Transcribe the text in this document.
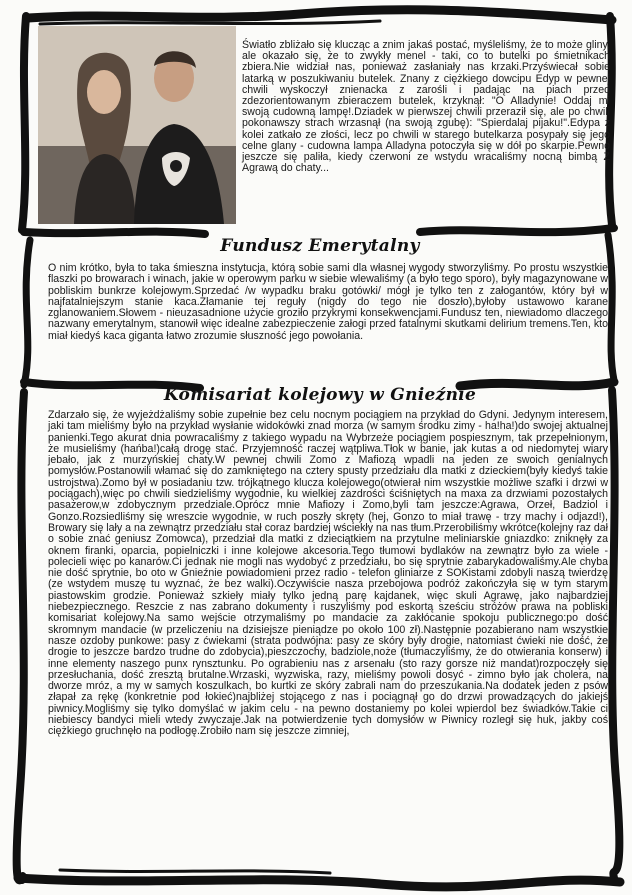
Światło zbliżało się klucząc a znim jakaś postać, myśleliśmy, że to może gliny, ale okazało się, że to zwykły menel - taki, co to butelki po śmietnikach zbiera.Nie widział nas, ponieważ zasłaniały nas krzaki.Przyświecał sobie latarką w poszukiwaniu butelek. Znany z ciężkiego dowcipu Edyp w pewnej chwili wyskoczył znienacka z zarośli i padając na piach przed zdezorientowanym zbieraczem butelek, krzyknął: "O Alladynie! Oddaj mi swoją cudowną lampę!.Dziadek w pierwszej chwili przeraził się, ale po chwili pokonawszy strach wrzasnął (na swoją zgubę): "Spierdalaj pijaku!".Edypa z kolei zatkało ze złości, lecz po chwili w starego butelkarza posypały się jego celne glany - cudowna lampa Alladyna potoczyła się w dół po skarpie.Pewno jeszcze się paliła, kiedy czerwoni ze wstydu wracaliśmy nocną bimbą Z Agrawą do chaty...

Fundusz Emerytalny

O nim krótko, była to taka śmieszna instytucja, którą sobie sami dla własnej wygody stworzyliśmy. Po prostu wszystkie flaszki po browarach i winach, jakie w operowym parku w siebie wlewaliśmy (a było tego sporo), były magazynowane w pobliskim bunkrze kolejowym.Sprzedać /w wypadku braku gotówki/ mógł je tylko ten z załogantów, który był w najfatalniejszym stanie kaca.Złamanie tej reguły (nigdy do tego nie doszło),byłoby ustawowo karane zglanowaniem.Słowem - nieuzasadnione użycie groziło przykrymi konsekwencjami.Fundusz ten, niewiadomo dlaczego nazwany emerytalnym, stanowił więc idealne zabezpieczenie załogi przed fatalnymi skutkami delirium tremens.Ten, kto miał kiedyś kaca giganta łatwo zrozumie słuszność jego powołania.

Komisariat kolejowy w Gnieźnie

Zdarzało się, że wyjeżdżaliśmy sobie zupełnie bez celu nocnym pociągiem na przykład do Gdyni. Jedynym interesem, jaki tam mieliśmy było na przykład wysłanie widokówki znad morza (w samym środku zimy - ha!ha!)do swojej aktualnej panienki.Tego akurat dnia powracaliśmy z takiego wypadu na Wybrzeże pociągiem pospiesznym, tak przepełnionym, że musieliśmy (hańba!)całą drogę stać. Przyjemność raczej wątpliwa.Tłok w banie, jak kutas a od niedomytej wiary jebało, jak z murzyńskiej chaty.W pewnej chwili Zomo z Mafiozą wpadli na jeden ze swoich genialnych pomysłów.Postanowili włamać się do zamkniętego na cztery spusty przedziału dla matki z dzieckiem(były kiedyś takie ustrojstwa).Zomo był w posiadaniu tzw. trójkątnego klucza kolejowego(otwierał nim wszystkie możliwe szafki i drzwi w pociągach),więc po chwili siedzieliśmy wygodnie, ku wielkiej zazdrości ściśniętych na maxa za drzwiami pozostałych pasażerow,w zdobycznym przedziale.Oprócz mnie Mafiozy i Zomo,byli tam jeszcze:Agrawa, Orzeł, Badziol i Gonzo.Rozsiedliśmy się wreszcie wygodnie, w ruch poszły skręty (hej, Gonzo to miał trawę - trzy machy i odjazd!), Browary się lały a na zewnątrz przedziału stał coraz bardziej wściekły na nas tłum.Przerobiliśmy wkrótce(kolejny raz dał o sobie znać geniusz Zomowca), przedział dla matki z dzieciątkiem na przytulne meliniarskie gniazdko: zniknęły za oknem firanki, oparcia, popielniczki i inne kolejowe akcesoria.Tego tłumowi bydlaków na zewnątrz było za wiele - polecieli więc po kanarów.Ci jednak nie mogli nas wydobyć z przedziału, bo się sprytnie zabarykadowaliśmy.Ale chyba nie dość sprytnie, bo oto w Gnieźnie powiadomieni przez radio - telefon gliniarze z SOKistami zdobyli naszą twierdzę (ze wstydem muszę tu wyznać, że bez walki).Oczywiście nasza przebojowa podróż zakończyła się w tym starym piastowskim grodzie. Ponieważ szkieły miały tylko jedną parę kajdanek, więc skuli Agrawę, jako najbardziej niebezpiecznego. Reszcie z nas zabrano dokumenty i ruszyliśmy pod eskortą sześciu stróżów prawa na pobliski komisariat kolejowy.Na samo wejście otrzymaliśmy po mandacie za zakłócanie spokoju publicznego:po dość skromnym mandacie (w przeliczeniu na dzisiejsze pieniądze po około 100 zł).Następnie pozabierano nam wszystkie nasze ozdoby punkowe: pasy z ćwiekami (strata podwójna: pasy ze skóry były drogie, natomiast ćwieki nie dość, że drogie to jeszcze bardzo trudne do zdobycia),pieszczochy, badziole,noże (tłumaczyliśmy, że do otwierania konserw) i inne elementy naszego punx rynsztunku. Po ograbieniu nas z arsenału (sto razy gorsze niż mandat)rozpoczęły się przesłuchania, dość zresztą brutalne.Wrzaski, wyzwiska, razy, mieliśmy powoli dosyć - zimno było jak cholera, na dworze mróz, a my w samych koszulkach, bo kurtki ze skóry zabrali nam do przeszukania.Na dodatek jeden z psów złapał za rękę (konkretnie pod łokieć)najbliżej stojącego z nas i pociągnął go do drzwi prowadzących do jakiejś piwnicy.Mogliśmy się tylko domyślać w jakim celu - na pewno dostaniemy po kolei wpierdol bez świadków.Takie ci niebiescy bandyci mieli wtedy zwyczaje.Jak na potwierdzenie tych domysłów w Piwnicy rozległ się huk, jakby coś ciężkiego gruchnęło na podłogę.Zrobiło nam się jeszcze zimniej,
